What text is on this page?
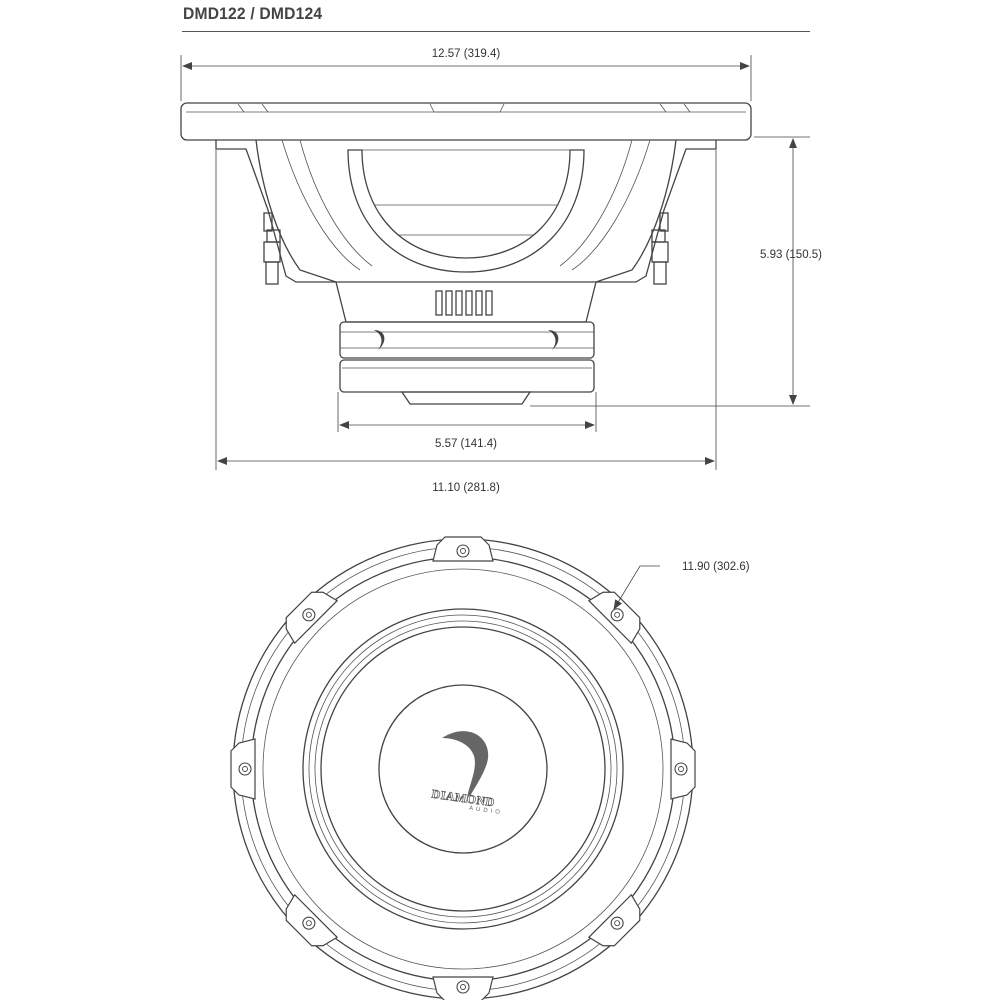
DMD122 / DMD124
12.57 (319.4)
5.93 (150.5)
5.57 (141.4)
11.10 (281.8)
DIAMOND
AUDIO
11.90 (302.6)
